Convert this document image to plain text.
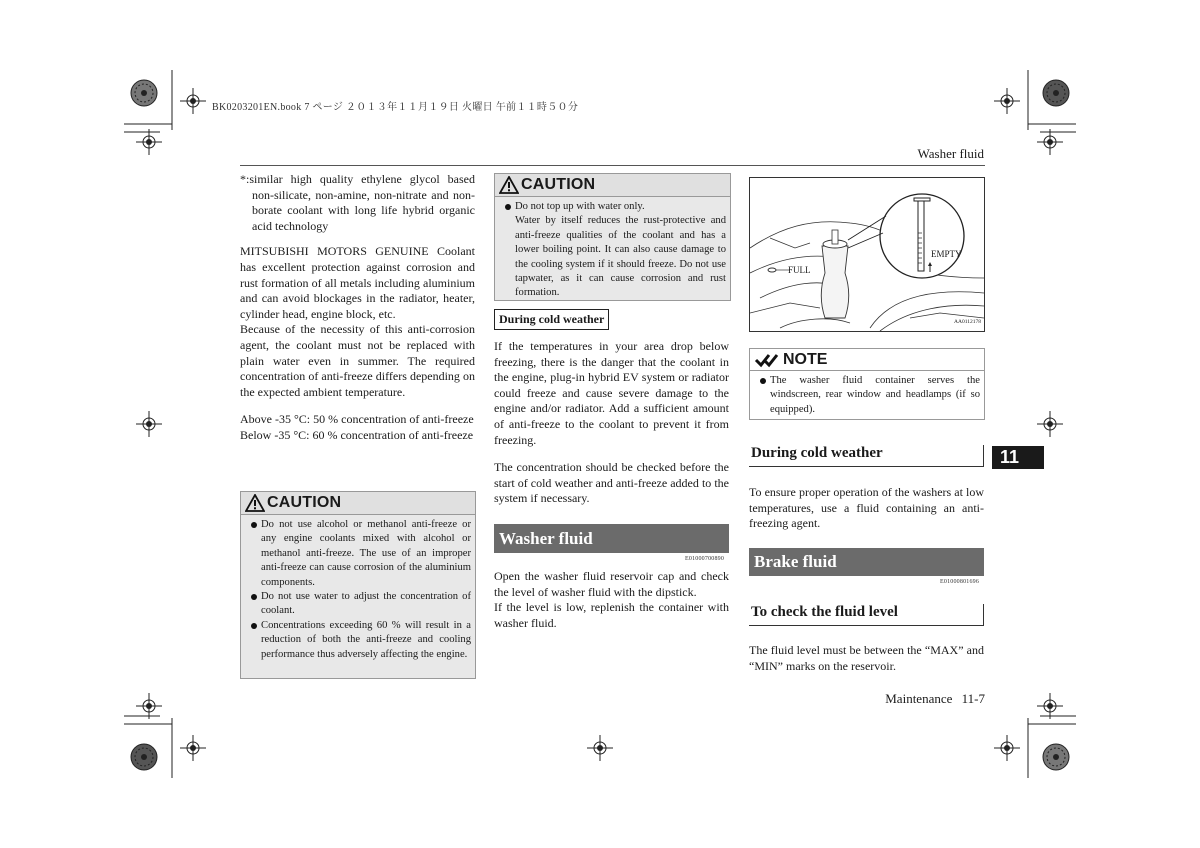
BK0203201EN.book 7 ページ ２０１３年１１月１９日 火曜日 午前１１時５０分
Washer fluid
Maintenance 11-7
11

*:similar high quality ethylene glycol based non-silicate, non-amine, non-nitrate and non-borate coolant with long life hybrid organic acid technology

MITSUBISHI MOTORS GENUINE Coolant has excellent protection against corrosion and rust formation of all metals including aluminium and can avoid blockages in the radiator, heater, cylinder head, engine block, etc.

Because of the necessity of this anti-corrosion agent, the coolant must not be replaced with plain water even in summer. The required concentration of anti-freeze differs depending on the expected ambient temperature.

Above -35 °C: 50 % concentration of anti-freeze

Below -35 °C: 60 % concentration of anti-freeze

CAUTION

Do not use alcohol or methanol anti-freeze or any engine coolants mixed with alcohol or methanol anti-freeze. The use of an improper anti-freeze can cause corrosion of the aluminium components.

Do not use water to adjust the concentration of coolant.

Concentrations exceeding 60 % will result in a reduction of both the anti-freeze and cooling performance thus adversely affecting the engine.

CAUTION

Do not top up with water only.

Water by itself reduces the rust-protective and anti-freeze qualities of the coolant and has a lower boiling point. It can also cause damage to the cooling system if it should freeze. Do not use tapwater, as it can cause corrosion and rust formation.

During cold weather

If the temperatures in your area drop below freezing, there is the danger that the coolant in the engine, plug-in hybrid EV system or radiator could freeze and cause severe damage to the engine and/or radiator. Add a sufficient amount of anti-freeze to the coolant to prevent it from freezing.

The concentration should be checked before the start of cold weather and anti-freeze added to the system if necessary.

Washer fluid
E01000700890

Open the washer fluid reservoir cap and check the level of washer fluid with the dipstick.

If the level is low, replenish the container with washer fluid.

EMPTY
FULL
AA0112178
NOTE

The washer fluid container serves the windscreen, rear window and headlamps (if so equipped).

During cold weather

To ensure proper operation of the washers at low temperatures, use a fluid containing an anti-freezing agent.

Brake fluid
E01000801696
To check the fluid level

The fluid level must be between the “MAX” and “MIN” marks on the reservoir.
